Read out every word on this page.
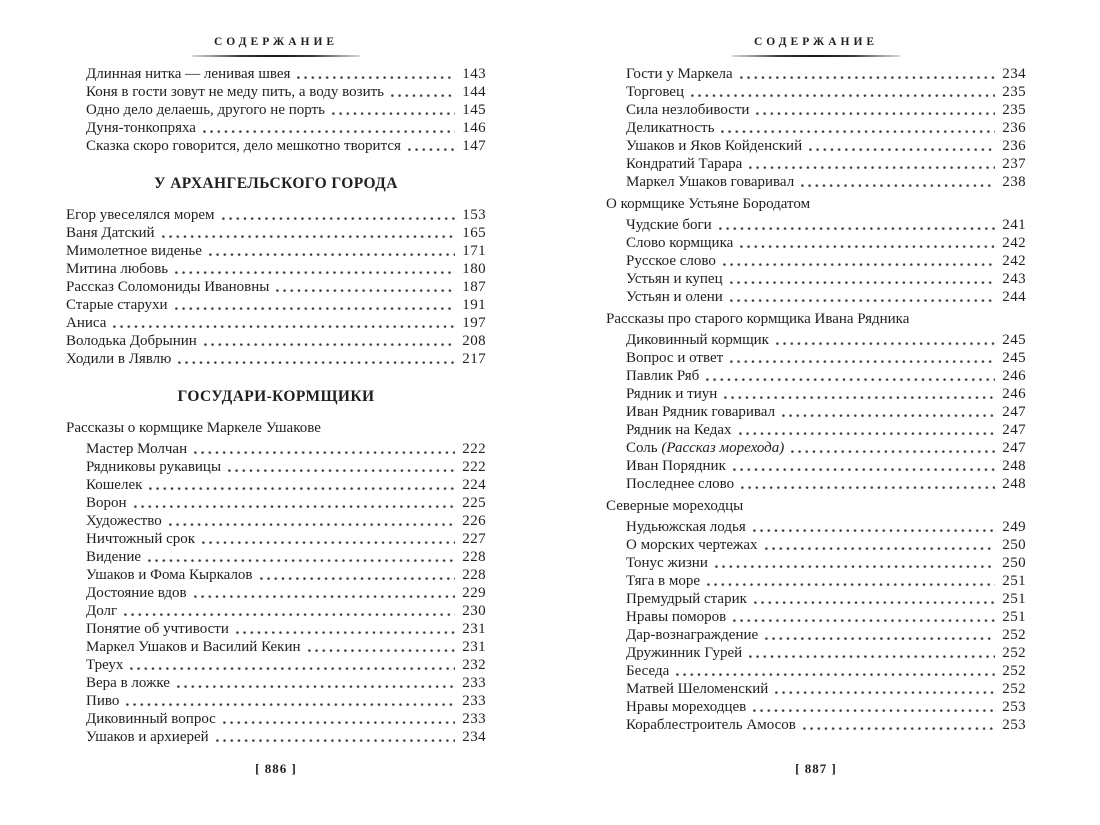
СОДЕРЖАНИЕ
Длинная нитка — ленивая швея	143
Коня в гости зовут не меду пить, а воду возить	144
Одно дело делаешь, другого не порть	145
Дуня-тонкопряха	146
Сказка скоро говорится, дело мешкотно творится	147
У АРХАНГЕЛЬСКОГО ГОРОДА
Егор увеселялся морем	153
Ваня Датский	165
Мимолетное виденье	171
Митина любовь	180
Рассказ Соломониды Ивановны	187
Старые старухи	191
Аниса	197
Володька Добрынин	208
Ходили в Лявлю	217
ГОСУДАРИ-КОРМЩИКИ
Рассказы о кормщике Маркеле Ушакове
Мастер Молчан	222
Рядниковы рукавицы	222
Кошелек	224
Ворон	225
Художество	226
Ничтожный срок	227
Видение	228
Ушаков и Фома Кыркалов	228
Достояние вдов	229
Долг	230
Понятие об учтивости	231
Маркел Ушаков и Василий Кекин	231
Треух	232
Вера в ложке	233
Пиво	233
Диковинный вопрос	233
Ушаков и архиерей	234
[ 886 ]
СОДЕРЖАНИЕ
Гости у Маркела	234
Торговец	235
Сила незлобивости	235
Деликатность	236
Ушаков и Яков Койденский	236
Кондратий Тарара	237
Маркел Ушаков говаривал	238
О кормщике Устьяне Бородатом
Чудские боги	241
Слово кормщика	242
Русское слово	242
Устьян и купец	243
Устьян и олени	244
Рассказы про старого кормщика Ивана Рядника
Диковинный кормщик	245
Вопрос и ответ	245
Павлик Ряб	246
Рядник и тиун	246
Иван Рядник говаривал	247
Рядник на Кедах	247
Соль (Рассказ морехода)	247
Иван Порядник	248
Последнее слово	248
Северные мореходцы
Нудьюжская лодья	249
О морских чертежах	250
Тонус жизни	250
Тяга в море	251
Премудрый старик	251
Нравы поморов	251
Дар-вознаграждение	252
Дружинник Гурей	252
Беседа	252
Матвей Шеломенский	252
Нравы мореходцев	253
Кораблестроитель Амосов	253
[ 887 ]
